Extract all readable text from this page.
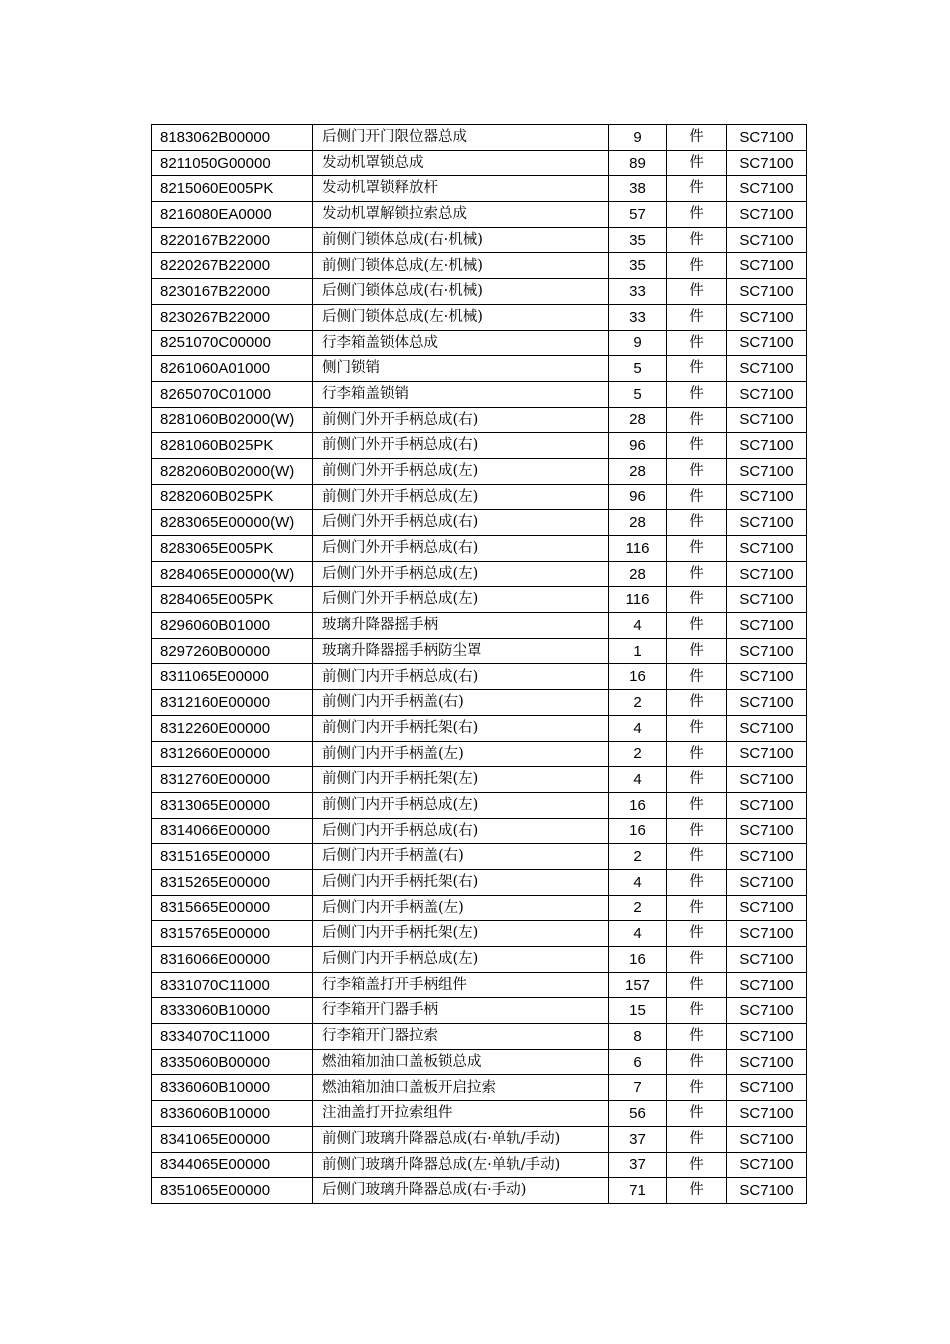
8183062B00000	后侧门开门限位器总成	9	件	SC7100
8211050G00000	发动机罩锁总成	89	件	SC7100
8215060E005PK	发动机罩锁释放杆	38	件	SC7100
8216080EA0000	发动机罩解锁拉索总成	57	件	SC7100
8220167B22000	前侧门锁体总成(右·机械)	35	件	SC7100
8220267B22000	前侧门锁体总成(左·机械)	35	件	SC7100
8230167B22000	后侧门锁体总成(右·机械)	33	件	SC7100
8230267B22000	后侧门锁体总成(左·机械)	33	件	SC7100
8251070C00000	行李箱盖锁体总成	9	件	SC7100
8261060A01000	侧门锁销	5	件	SC7100
8265070C01000	行李箱盖锁销	5	件	SC7100
8281060B02000(W)	前侧门外开手柄总成(右)	28	件	SC7100
8281060B025PK	前侧门外开手柄总成(右)	96	件	SC7100
8282060B02000(W)	前侧门外开手柄总成(左)	28	件	SC7100
8282060B025PK	前侧门外开手柄总成(左)	96	件	SC7100
8283065E00000(W)	后侧门外开手柄总成(右)	28	件	SC7100
8283065E005PK	后侧门外开手柄总成(右)	116	件	SC7100
8284065E00000(W)	后侧门外开手柄总成(左)	28	件	SC7100
8284065E005PK	后侧门外开手柄总成(左)	116	件	SC7100
8296060B01000	玻璃升降器摇手柄	4	件	SC7100
8297260B00000	玻璃升降器摇手柄防尘罩	1	件	SC7100
8311065E00000	前侧门内开手柄总成(右)	16	件	SC7100
8312160E00000	前侧门内开手柄盖(右)	2	件	SC7100
8312260E00000	前侧门内开手柄托架(右)	4	件	SC7100
8312660E00000	前侧门内开手柄盖(左)	2	件	SC7100
8312760E00000	前侧门内开手柄托架(左)	4	件	SC7100
8313065E00000	前侧门内开手柄总成(左)	16	件	SC7100
8314066E00000	后侧门内开手柄总成(右)	16	件	SC7100
8315165E00000	后侧门内开手柄盖(右)	2	件	SC7100
8315265E00000	后侧门内开手柄托架(右)	4	件	SC7100
8315665E00000	后侧门内开手柄盖(左)	2	件	SC7100
8315765E00000	后侧门内开手柄托架(左)	4	件	SC7100
8316066E00000	后侧门内开手柄总成(左)	16	件	SC7100
8331070C11000	行李箱盖打开手柄组件	157	件	SC7100
8333060B10000	行李箱开门器手柄	15	件	SC7100
8334070C11000	行李箱开门器拉索	8	件	SC7100
8335060B00000	燃油箱加油口盖板锁总成	6	件	SC7100
8336060B10000	燃油箱加油口盖板开启拉索	7	件	SC7100
8336060B10000	注油盖打开拉索组件	56	件	SC7100
8341065E00000	前侧门玻璃升降器总成(右·单轨/手动)	37	件	SC7100
8344065E00000	前侧门玻璃升降器总成(左·单轨/手动)	37	件	SC7100
8351065E00000	后侧门玻璃升降器总成(右·手动)	71	件	SC7100
